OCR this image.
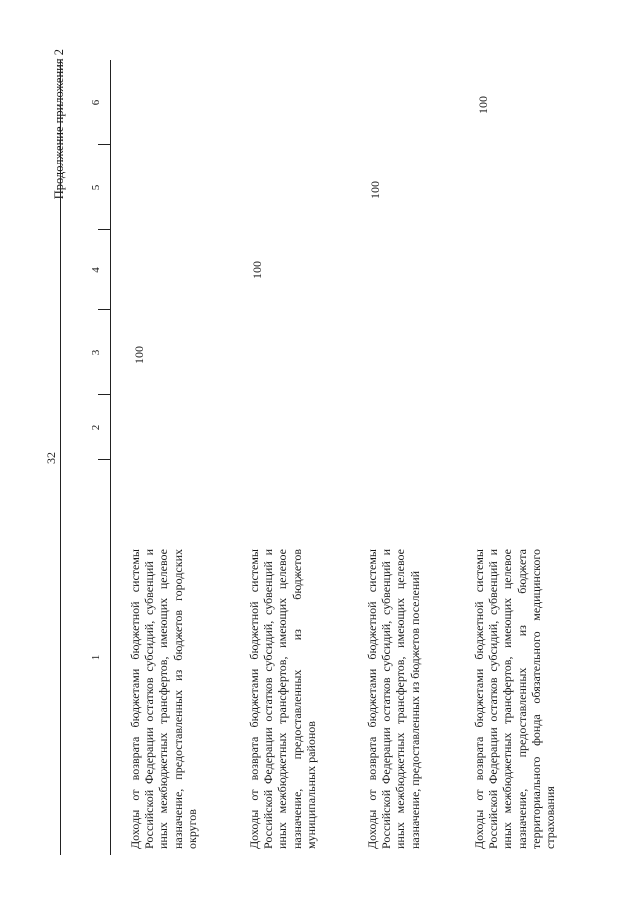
32
Продолжение приложения 2
1
2
3
4
5
6
Доходы от возврата бюджетами бюджетной системы Российской Федерации остатков субсидий, субвенций и иных межбюджетных трансфертов, имеющих целевое назначение, предоставленных из бюджетов городских округов
100
Доходы от возврата бюджетами бюджетной системы Российской Федерации остатков субсидий, субвенций и иных межбюджетных трансфертов, имеющих целевое назначение, предоставленных из бюджетов муниципальных районов
100
Доходы от возврата бюджетами бюджетной системы Российской Федерации остатков субсидий, субвенций и иных межбюджетных трансфертов, имеющих целевое назначение, предоставленных из бюджетов поселений
100
Доходы от возврата бюджетами бюджетной системы Российской Федерации остатков субсидий, субвенций и иных межбюджетных трансфертов, имеющих целевое назначение, предоставленных из бюджета территориального фонда обязательного медицинского страхования
100
